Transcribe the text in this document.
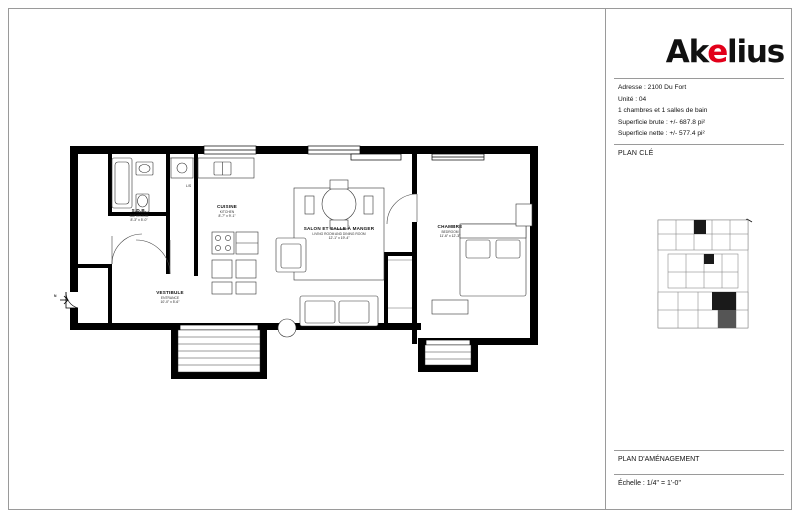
S.D.B.
BATHROOM
8'-3" x 5'-0"
CUISINE
KITCHEN
8'-7" x 9'-1"
SALON ET SALLE À MANGER
LIVING ROOM AND DINING ROOM
12'-1" x 19'-4"
CHAMBRE
BEDROOM
11'-6" x 12'-3"
VESTIBULE
ENTRANCE
10'-0" x 5'-6"
L/S
N
Akelius
Adresse : 2100 Du Fort
Unité : 04
1 chambres et 1 salles de bain
Superficie brute : +/- 687.8 pi²
Superficie nette : +/- 577.4 pi²
PLAN CLÉ
PLAN D'AMÉNAGEMENT
Échelle : 1/4" = 1'-0"
